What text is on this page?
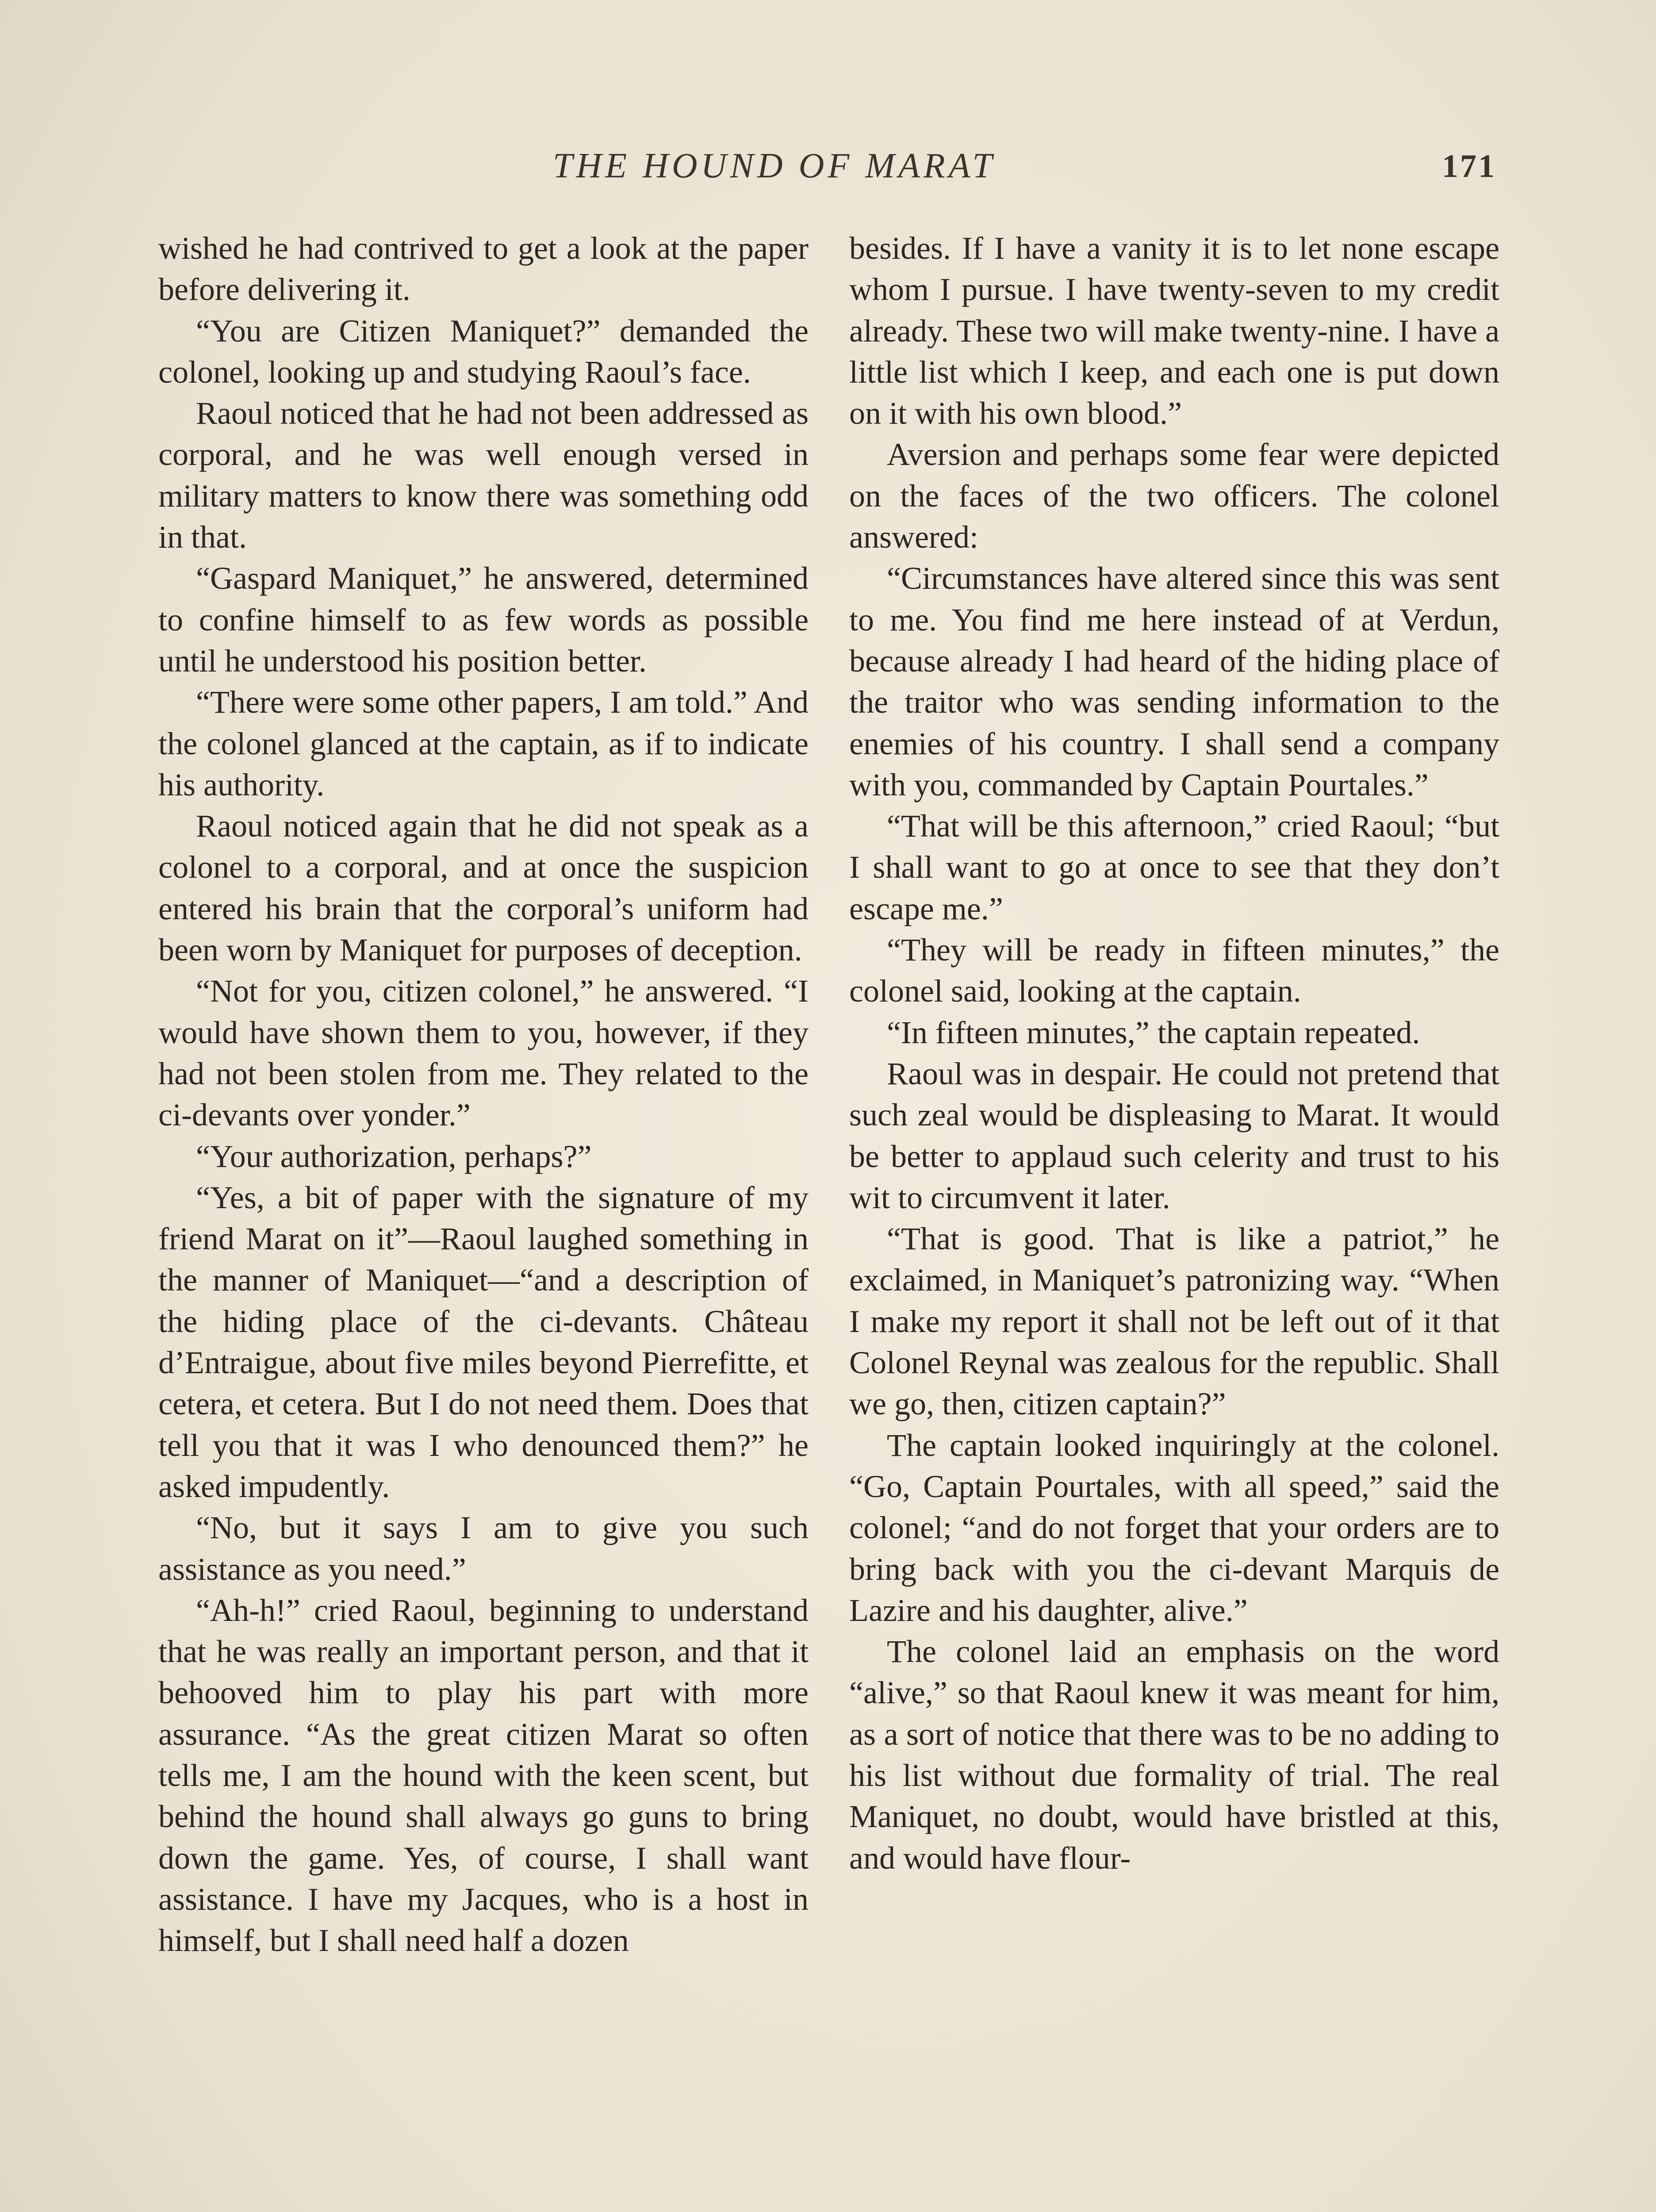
THE HOUND OF MARAT	171

wished he had contrived to get a look at the paper before delivering it.

“You are Citizen Maniquet?” demanded the colonel, looking up and studying Raoul’s face.

Raoul noticed that he had not been addressed as corporal, and he was well enough versed in military matters to know there was something odd in that.

“Gaspard Maniquet,” he answered, determined to confine himself to as few words as possible until he understood his position better.

“There were some other papers, I am told.” And the colonel glanced at the captain, as if to indicate his authority.

Raoul noticed again that he did not speak as a colonel to a corporal, and at once the suspicion entered his brain that the corporal’s uniform had been worn by Maniquet for purposes of deception.

“Not for you, citizen colonel,” he answered. “I would have shown them to you, however, if they had not been stolen from me. They related to the ci-devants over yonder.”

“Your authorization, perhaps?”

“Yes, a bit of paper with the signature of my friend Marat on it”—Raoul laughed something in the manner of Maniquet—“and a description of the hiding place of the ci-devants. Château d’Entraigue, about five miles beyond Pierrefitte, et cetera, et cetera. But I do not need them. Does that tell you that it was I who denounced them?” he asked impudently.

“No, but it says I am to give you such assistance as you need.”

“Ah-h!” cried Raoul, beginning to understand that he was really an important person, and that it behooved him to play his part with more assurance. “As the great citizen Marat so often tells me, I am the hound with the keen scent, but behind the hound shall always go guns to bring down the game. Yes, of course, I shall want assistance. I have my Jacques, who is a host in himself, but I shall need half a dozen

besides. If I have a vanity it is to let none escape whom I pursue. I have twenty-seven to my credit already. These two will make twenty-nine. I have a little list which I keep, and each one is put down on it with his own blood.”

Aversion and perhaps some fear were depicted on the faces of the two officers. The colonel answered:

“Circumstances have altered since this was sent to me. You find me here instead of at Verdun, because already I had heard of the hiding place of the traitor who was sending information to the enemies of his country. I shall send a company with you, commanded by Captain Pourtales.”

“That will be this afternoon,” cried Raoul; “but I shall want to go at once to see that they don’t escape me.”

“They will be ready in fifteen minutes,” the colonel said, looking at the captain.

“In fifteen minutes,” the captain repeated.

Raoul was in despair. He could not pretend that such zeal would be displeasing to Marat. It would be better to applaud such celerity and trust to his wit to circumvent it later.

“That is good. That is like a patriot,” he exclaimed, in Maniquet’s patronizing way. “When I make my report it shall not be left out of it that Colonel Reynal was zealous for the republic. Shall we go, then, citizen captain?”

The captain looked inquiringly at the colonel. “Go, Captain Pourtales, with all speed,” said the colonel; “and do not forget that your orders are to bring back with you the ci-devant Marquis de Lazire and his daughter, alive.”

The colonel laid an emphasis on the word “alive,” so that Raoul knew it was meant for him, as a sort of notice that there was to be no adding to his list without due formality of trial. The real Maniquet, no doubt, would have bristled at this, and would have flour-
